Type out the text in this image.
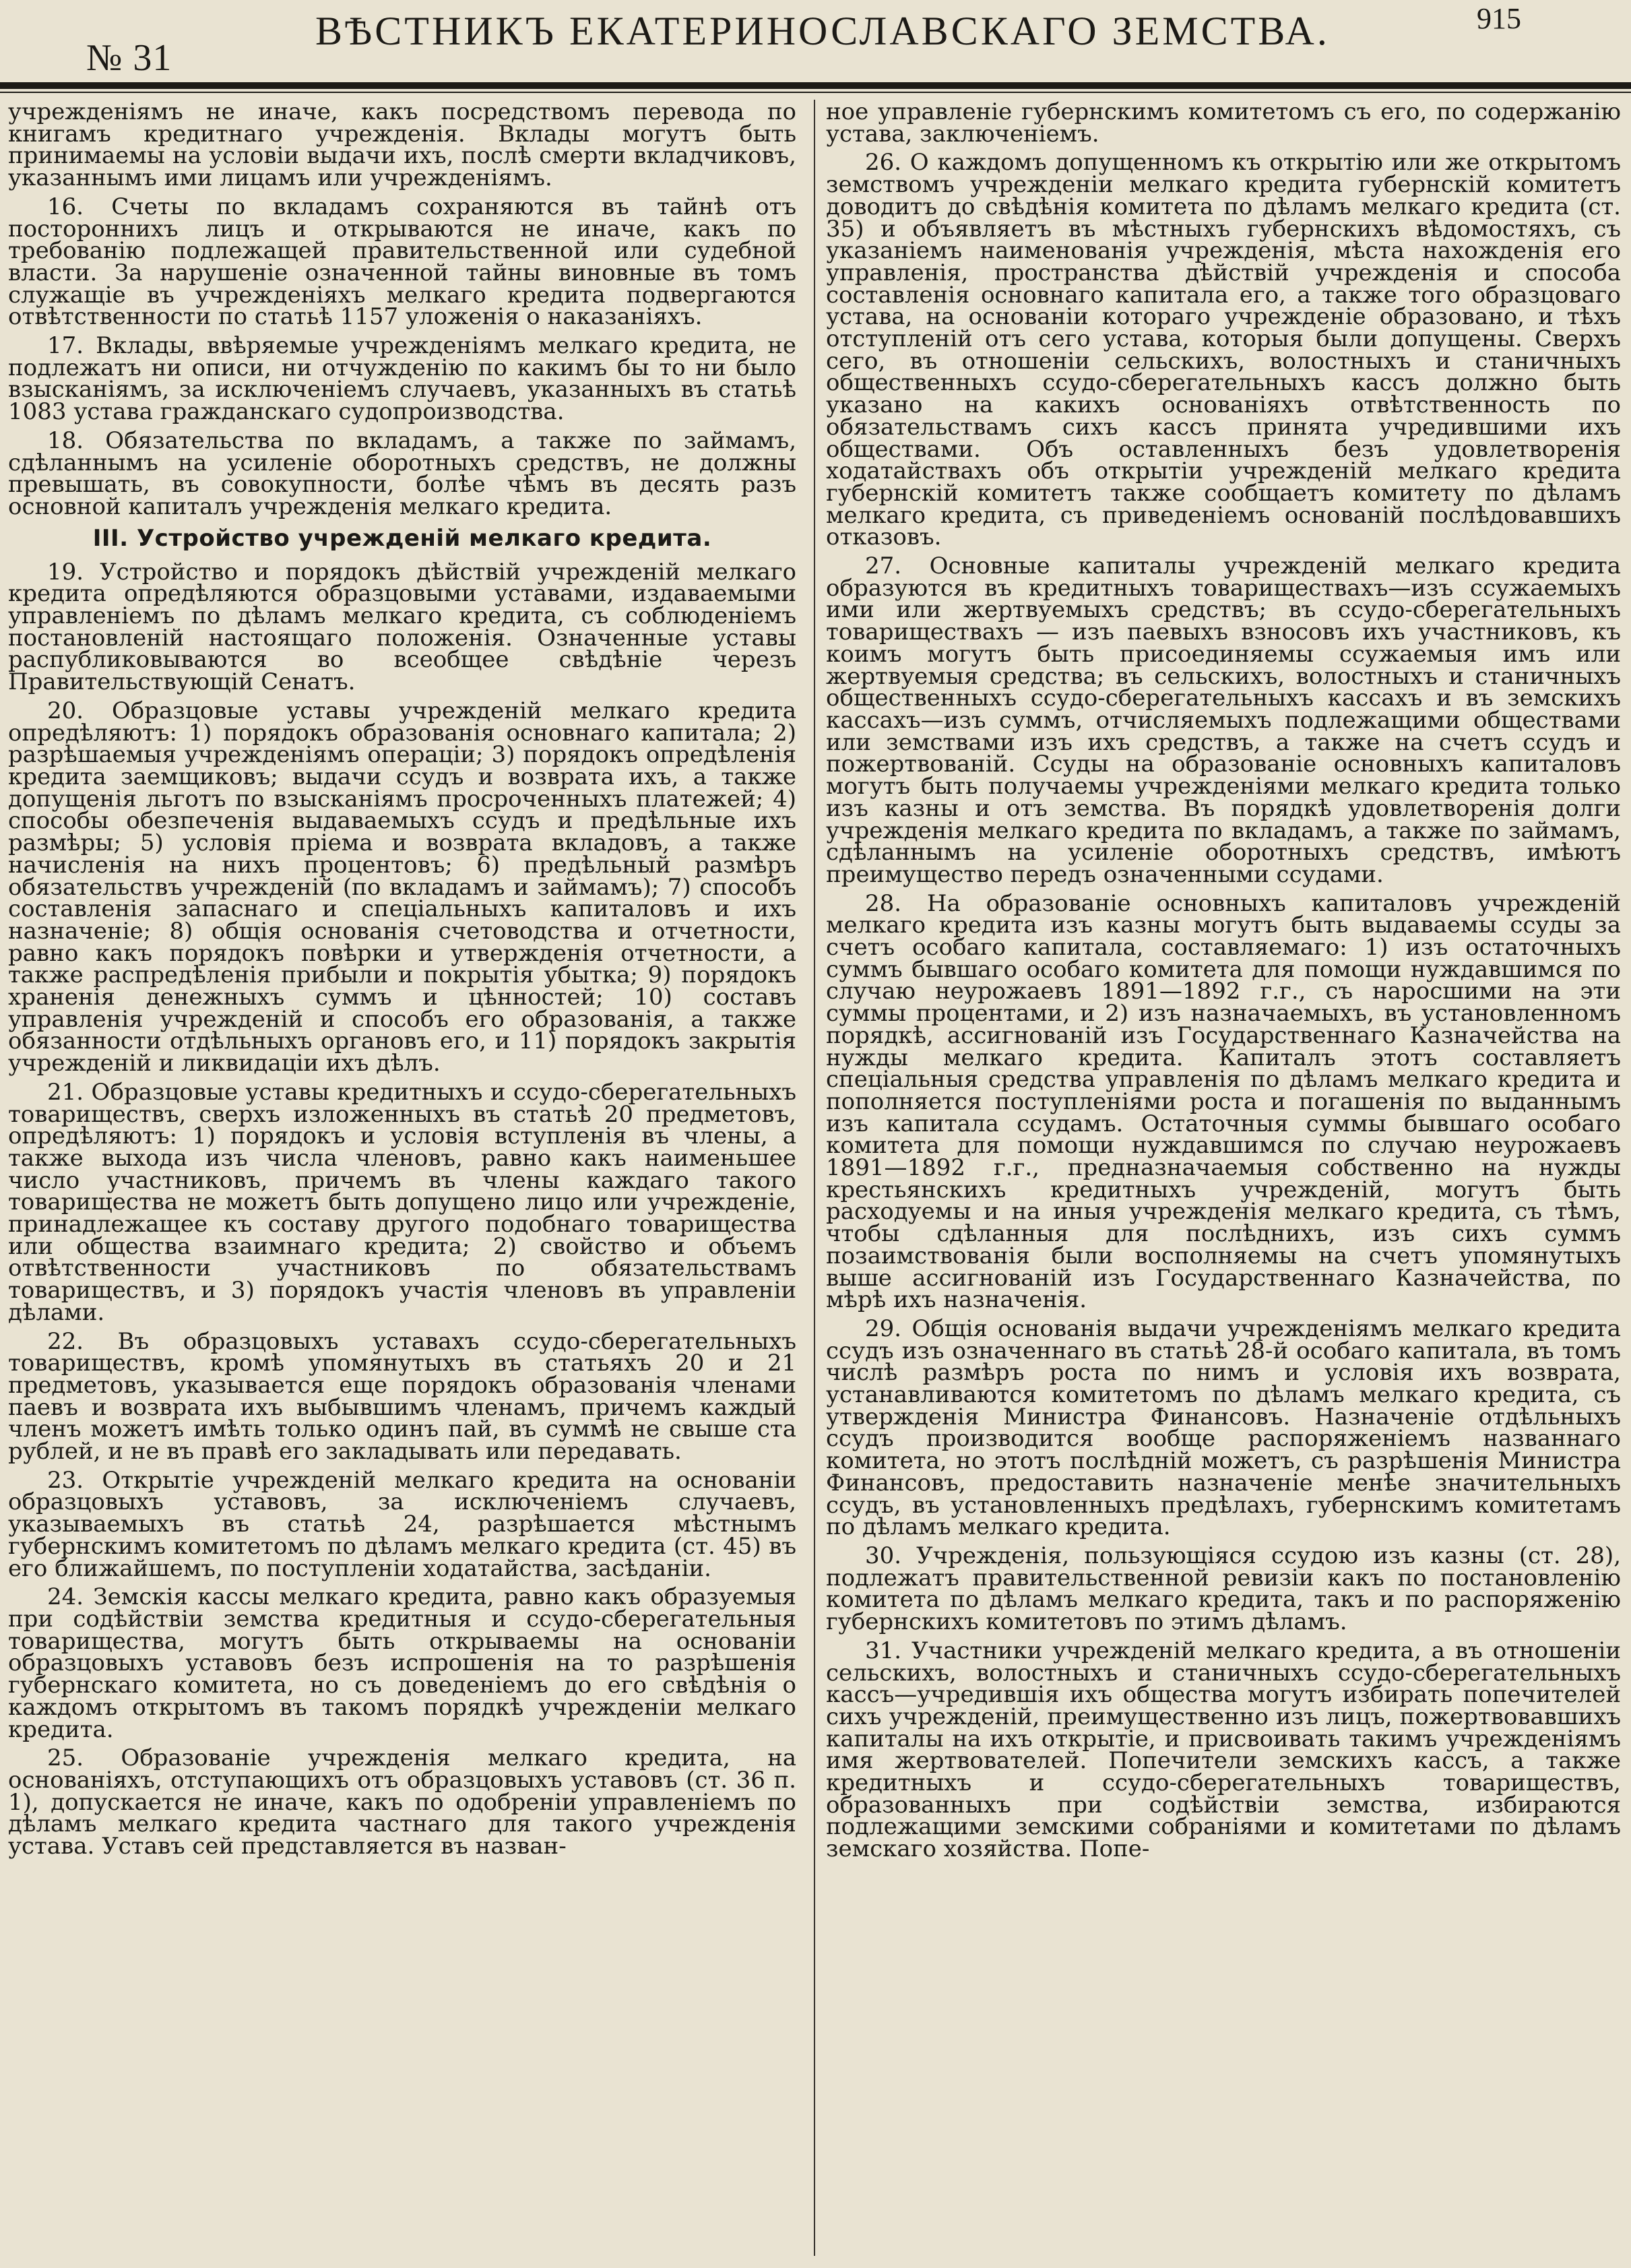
№ 31
ВѢСТНИКЪ ЕКАТЕРИНОСЛАВСКАГО ЗЕМСТВА.	915

учрежденіямъ не иначе, какъ посредствомъ перевода по книгамъ кредитнаго учрежденія. Вклады могутъ быть принимаемы на условіи выдачи ихъ, послѣ смерти вкладчиковъ, указаннымъ ими лицамъ или учрежденіямъ.

16. Счеты по вкладамъ сохраняются въ тайнѣ отъ постороннихъ лицъ и открываются не иначе, какъ по требованію подлежащей правительственной или судебной власти. За нарушеніе означенной тайны виновные въ томъ служащіе въ учрежденіяхъ мелкаго кредита подвергаются отвѣтственности по статьѣ 1157 уложенія о наказаніяхъ.

17. Вклады, ввѣряемые учрежденіямъ мелкаго кредита, не подлежатъ ни описи, ни отчужденію по какимъ бы то ни было взысканіямъ, за исключеніемъ случаевъ, указанныхъ въ статьѣ 1083 устава гражданскаго судопроизводства.

18. Обязательства по вкладамъ, а также по займамъ, сдѣланнымъ на усиленіе оборотныхъ средствъ, не должны превышать, въ совокупности, болѣе чѣмъ въ десять разъ основной капиталъ учрежденія мелкаго кредита.

III. Устройство учрежденій мелкаго кредита.

19. Устройство и порядокъ дѣйствій учрежденій мелкаго кредита опредѣляются образцовыми уставами, издаваемыми управленіемъ по дѣламъ мелкаго кредита, съ соблюденіемъ постановленій настоящаго положенія. Означенные уставы распубликовываются во всеобщее свѣдѣніе черезъ Правительствующій Сенатъ.

20. Образцовые уставы учрежденій мелкаго кредита опредѣляютъ: 1) порядокъ образованія основнаго капитала; 2) разрѣшаемыя учрежденіямъ операціи; 3) порядокъ опредѣленія кредита заемщиковъ; выдачи ссудъ и возврата ихъ, а также допущенія льготъ по взысканіямъ просроченныхъ платежей; 4) способы обезпеченія выдаваемыхъ ссудъ и предѣльные ихъ размѣры; 5) условія пріема и возврата вкладовъ, а также начисленія на нихъ процентовъ; 6) предѣльный размѣръ обязательствъ учрежденій (по вкладамъ и займамъ); 7) способъ составленія запаснаго и спеціальныхъ капиталовъ и ихъ назначеніе; 8) общія основанія счетоводства и отчетности, равно какъ порядокъ повѣрки и утвержденія отчетности, а также распредѣленія прибыли и покрытія убытка; 9) порядокъ храненія денежныхъ суммъ и цѣнностей; 10) составъ управленія учрежденій и способъ его образованія, а также обязанности отдѣльныхъ органовъ его, и 11) порядокъ закрытія учрежденій и ликвидаціи ихъ дѣлъ.

21. Образцовые уставы кредитныхъ и ссудо-сберегательныхъ товариществъ, сверхъ изложенныхъ въ статьѣ 20 предметовъ, опредѣляютъ: 1) порядокъ и условія вступленія въ члены, а также выхода изъ числа членовъ, равно какъ наименьшее число участниковъ, причемъ въ члены каждаго такого товарищества не можетъ быть допущено лицо или учрежденіе, принадлежащее къ составу другого подобнаго товарищества или общества взаимнаго кредита; 2) свойство и объемъ отвѣтственности участниковъ по обязательствамъ товариществъ, и 3) порядокъ участія членовъ въ управленіи дѣлами.

22. Въ образцовыхъ уставахъ ссудо-сберегательныхъ товариществъ, кромѣ упомянутыхъ въ статьяхъ 20 и 21 предметовъ, указывается еще порядокъ образованія членами паевъ и возврата ихъ выбывшимъ членамъ, причемъ каждый членъ можетъ имѣть только одинъ пай, въ суммѣ не свыше ста рублей, и не въ правѣ его закладывать или передавать.

23. Открытіе учрежденій мелкаго кредита на основаніи образцовыхъ уставовъ, за исключеніемъ случаевъ, указываемыхъ въ статьѣ 24, разрѣшается мѣстнымъ губернскимъ комитетомъ по дѣламъ мелкаго кредита (ст. 45) въ его ближайшемъ, по поступленіи ходатайства, засѣданіи.

24. Земскія кассы мелкаго кредита, равно какъ образуемыя при содѣйствіи земства кредитныя и ссудо-сберегательныя товарищества, могутъ быть открываемы на основаніи образцовыхъ уставовъ безъ испрошенія на то разрѣшенія губернскаго комитета, но съ доведеніемъ до его свѣдѣнія о каждомъ открытомъ въ такомъ порядкѣ учрежденіи мелкаго кредита.

25. Образованіе учрежденія мелкаго кредита, на основаніяхъ, отступающихъ отъ образцовыхъ уставовъ (ст. 36 п. 1), допускается не иначе, какъ по одобреніи управленіемъ по дѣламъ мелкаго кредита частнаго для такого учрежденія устава. Уставъ сей представляется въ назван-

ное управленіе губернскимъ комитетомъ съ его, по содержанію устава, заключеніемъ.

26. О каждомъ допущенномъ къ открытію или же открытомъ земствомъ учрежденіи мелкаго кредита губернскій комитетъ доводитъ до свѣдѣнія комитета по дѣламъ мелкаго кредита (ст. 35) и объявляетъ въ мѣстныхъ губернскихъ вѣдомостяхъ, съ указаніемъ наименованія учрежденія, мѣста нахожденія его управленія, пространства дѣйствій учрежденія и способа составленія основнаго капитала его, а также того образцоваго устава, на основаніи котораго учрежденіе образовано, и тѣхъ отступленій отъ сего устава, которыя были допущены. Сверхъ сего, въ отношеніи сельскихъ, волостныхъ и станичныхъ общественныхъ ссудо-сберегательныхъ кассъ должно быть указано на какихъ основаніяхъ отвѣтственность по обязательствамъ сихъ кассъ принята учредившими ихъ обществами. Объ оставленныхъ безъ удовлетворенія ходатайствахъ объ открытіи учрежденій мелкаго кредита губернскій комитетъ также сообщаетъ комитету по дѣламъ мелкаго кредита, съ приведеніемъ основаній послѣдовавшихъ отказовъ.

27. Основные капиталы учрежденій мелкаго кредита образуются въ кредитныхъ товариществахъ—изъ ссужаемыхъ ими или жертвуемыхъ средствъ; въ ссудо-сберегательныхъ товариществахъ — изъ паевыхъ взносовъ ихъ участниковъ, къ коимъ могутъ быть присоединяемы ссужаемыя имъ или жертвуемыя средства; въ сельскихъ, волостныхъ и станичныхъ общественныхъ ссудо-сберегательныхъ кассахъ и въ земскихъ кассахъ—изъ суммъ, отчисляемыхъ подлежащими обществами или земствами изъ ихъ средствъ, а также на счетъ ссудъ и пожертвованій. Ссуды на образованіе основныхъ капиталовъ могутъ быть получаемы учрежденіями мелкаго кредита только изъ казны и отъ земства. Въ порядкѣ удовлетворенія долги учрежденія мелкаго кредита по вкладамъ, а также по займамъ, сдѣланнымъ на усиленіе оборотныхъ средствъ, имѣютъ преимущество передъ означенными ссудами.

28. На образованіе основныхъ капиталовъ учрежденій мелкаго кредита изъ казны могутъ быть выдаваемы ссуды за счетъ особаго капитала, составляемаго: 1) изъ остаточныхъ суммъ бывшаго особаго комитета для помощи нуждавшимся по случаю неурожаевъ 1891—1892 г.г., съ наросшими на эти суммы процентами, и 2) изъ назначаемыхъ, въ установленномъ порядкѣ, ассигнованій изъ Государственнаго Казначейства на нужды мелкаго кредита. Капиталъ этотъ составляетъ спеціальныя средства управленія по дѣламъ мелкаго кредита и пополняется поступленіями роста и погашенія по выданнымъ изъ капитала ссудамъ. Остаточныя суммы бывшаго особаго комитета для помощи нуждавшимся по случаю неурожаевъ 1891—1892 г.г., предназначаемыя собственно на нужды крестьянскихъ кредитныхъ учрежденій, могутъ быть расходуемы и на иныя учрежденія мелкаго кредита, съ тѣмъ, чтобы сдѣланныя для послѣднихъ, изъ сихъ суммъ позаимствованія были восполняемы на счетъ упомянутыхъ выше ассигнованій изъ Государственнаго Казначейства, по мѣрѣ ихъ назначенія.

29. Общія основанія выдачи учрежденіямъ мелкаго кредита ссудъ изъ означеннаго въ статьѣ 28-й особаго капитала, въ томъ числѣ размѣръ роста по нимъ и условія ихъ возврата, устанавливаются комитетомъ по дѣламъ мелкаго кредита, съ утвержденія Министра Финансовъ. Назначеніе отдѣльныхъ ссудъ производится вообще распоряженіемъ названнаго комитета, но этотъ послѣдній можетъ, съ разрѣшенія Министра Финансовъ, предоставить назначеніе менѣе значительныхъ ссудъ, въ установленныхъ предѣлахъ, губернскимъ комитетамъ по дѣламъ мелкаго кредита.

30. Учрежденія, пользующіяся ссудою изъ казны (ст. 28), подлежатъ правительственной ревизіи какъ по постановленію комитета по дѣламъ мелкаго кредита, такъ и по распоряженію губернскихъ комитетовъ по этимъ дѣламъ.

31. Участники учрежденій мелкаго кредита, а въ отношеніи сельскихъ, волостныхъ и станичныхъ ссудо-сберегательныхъ кассъ—учредившія ихъ общества могутъ избирать попечителей сихъ учрежденій, преимущественно изъ лицъ, пожертвовавшихъ капиталы на ихъ открытіе, и присвоивать такимъ учрежденіямъ имя жертвователей. Попечители земскихъ кассъ, а также кредитныхъ и ссудо-сберегательныхъ товариществъ, образованныхъ при содѣйствіи земства, избираются подлежащими земскими собраніями и комитетами по дѣламъ земскаго хозяйства. Попе-
